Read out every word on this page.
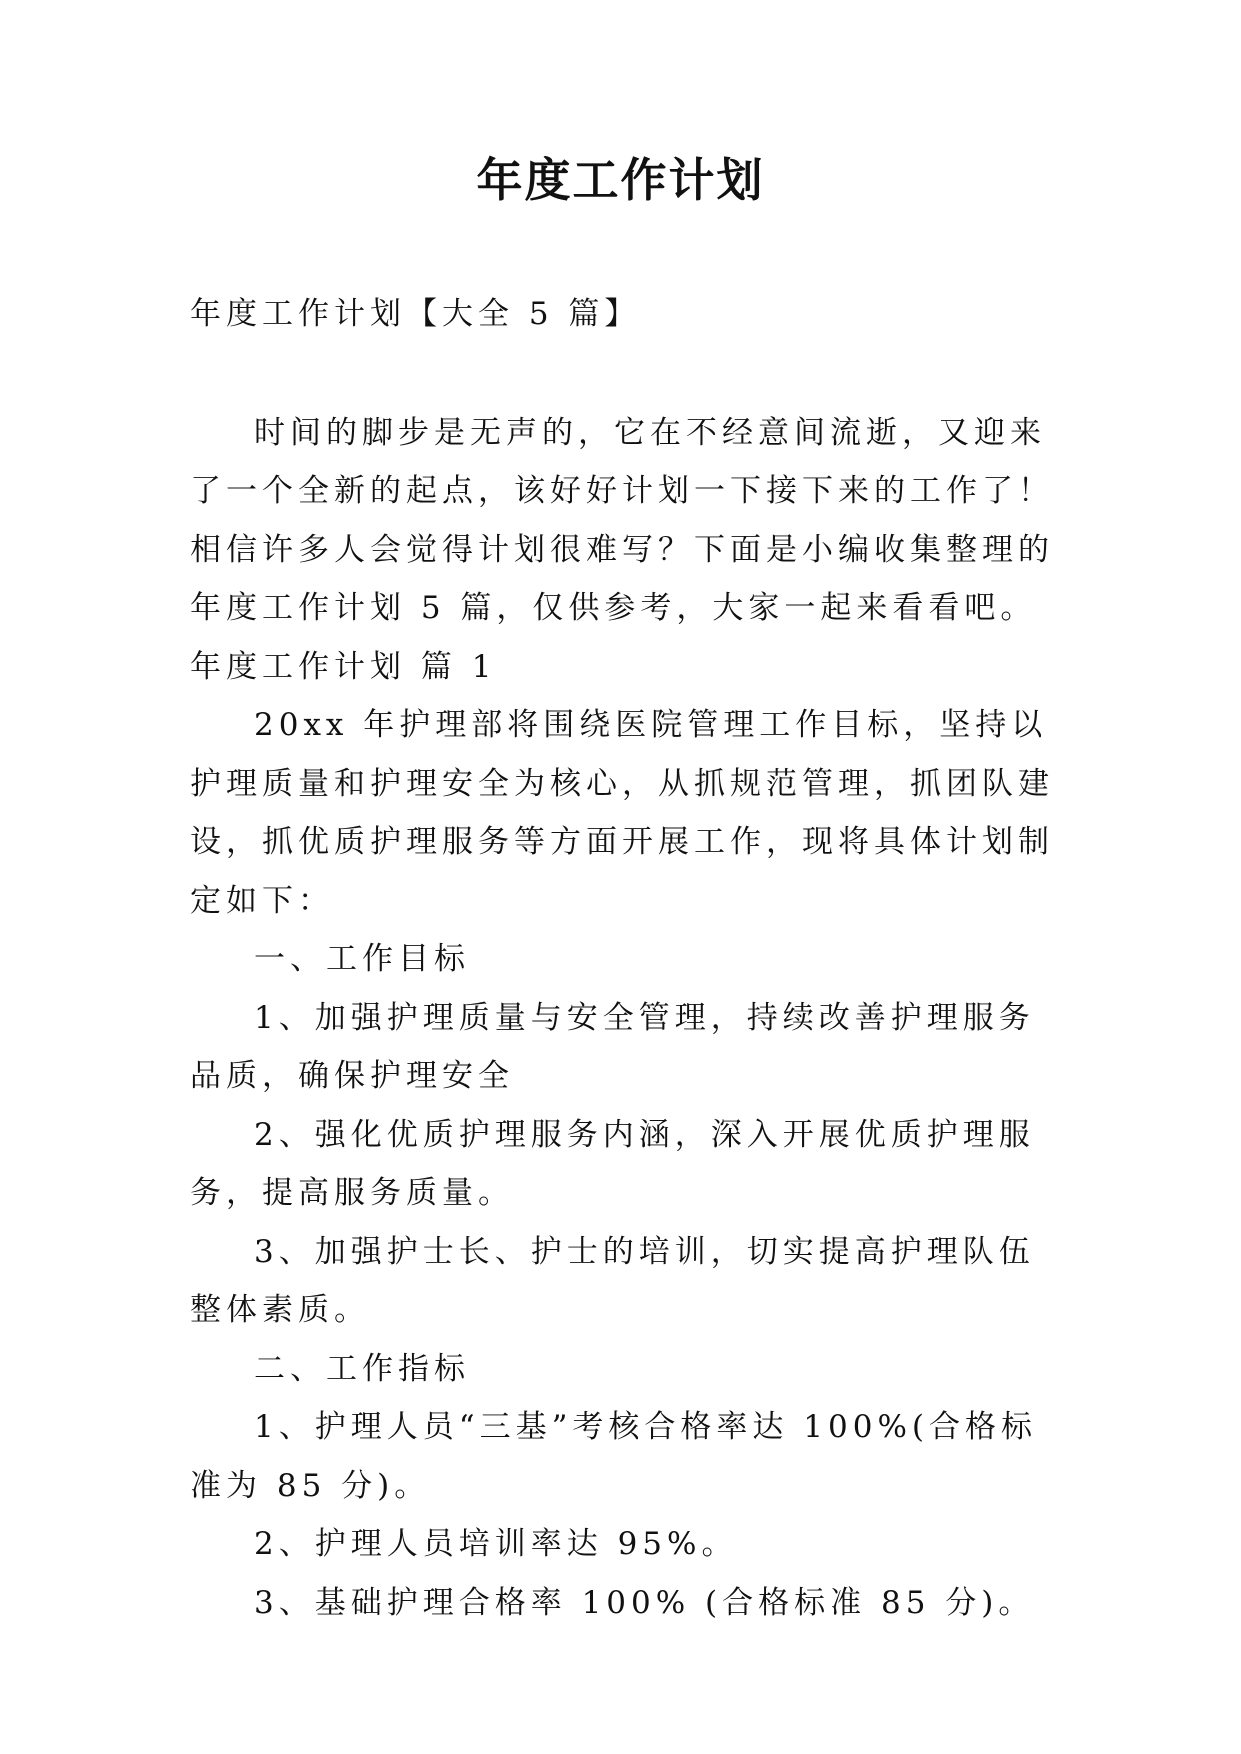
年度工作计划

年度工作计划【大全 5 篇】

时间的脚步是无声的，它在不经意间流逝，又迎来了一个全新的起点，该好好计划一下接下来的工作了！相信许多人会觉得计划很难写？下面是小编收集整理的年度工作计划 5 篇，仅供参考，大家一起来看看吧。

年度工作计划 篇 1

20xx 年护理部将围绕医院管理工作目标，坚持以护理质量和护理安全为核心，从抓规范管理，抓团队建设，抓优质护理服务等方面开展工作，现将具体计划制定如下：

一、工作目标

1、加强护理质量与安全管理，持续改善护理服务品质，确保护理安全

2、强化优质护理服务内涵，深入开展优质护理服务，提高服务质量。

3、加强护士长、护士的培训，切实提高护理队伍整体素质。

二、工作指标

1、护理人员“三基”考核合格率达 100%(合格标准为 85 分)。

2、护理人员培训率达 95%。

3、基础护理合格率 100% (合格标准 85 分)。
